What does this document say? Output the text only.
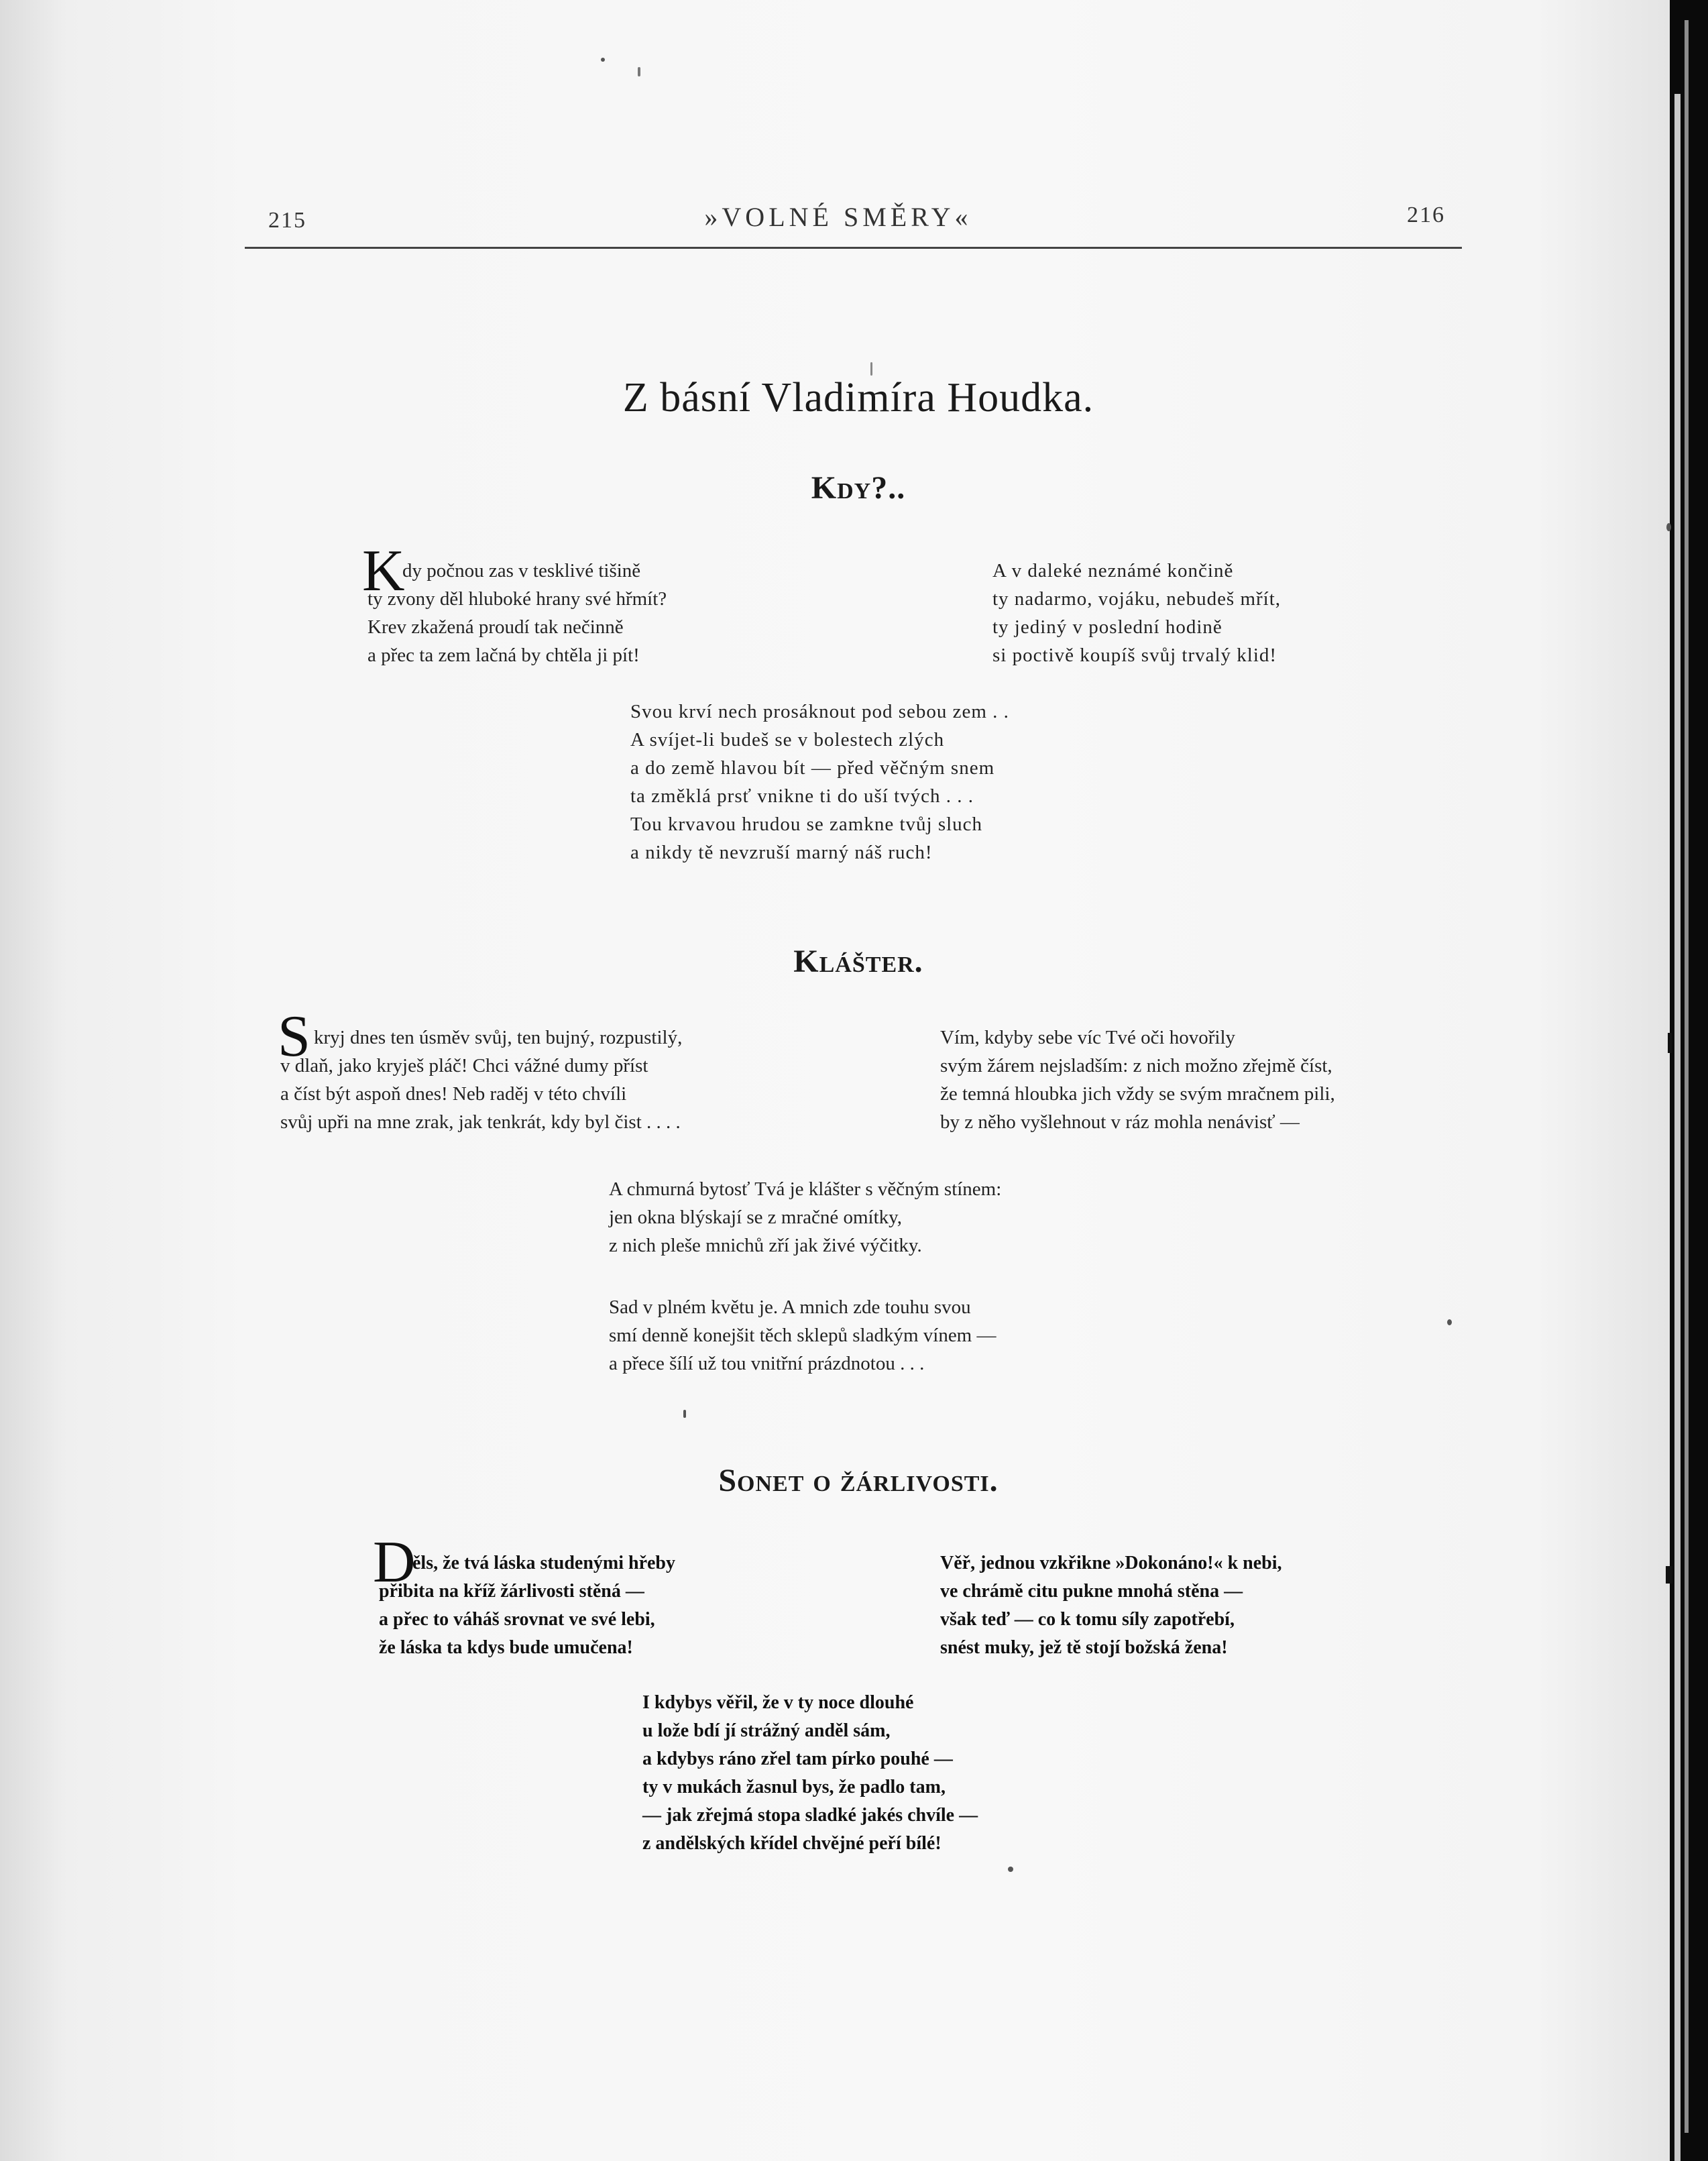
215	»VOLNÉ SMĚRY«	216
Z básní Vladimíra Houdka.
Kdy?..
K
dy počnou zas v tesklivé tišině
ty zvony děl hluboké hrany své hřmít?
Krev zkažená proudí tak nečinně
a přec ta zem lačná by chtěla ji pít!
A v daleké neznámé končině
ty nadarmo, vojáku, nebudeš mřít,
ty jediný v poslední hodině
si poctivě koupíš svůj trvalý klid!
Svou krví nech prosáknout pod sebou zem . .
A svíjet-li budeš se v bolestech zlých
a do země hlavou bít — před věčným snem
ta změklá prsť vnikne ti do uší tvých . . .
Tou krvavou hrudou se zamkne tvůj sluch
a nikdy tě nevzruší marný náš ruch!
Klášter.
S kryj dnes ten úsměv svůj, ten bujný, rozpustilý,
v dlaň, jako kryješ pláč! Chci vážné dumy příst
a číst být aspoň dnes! Neb raděj v této chvíli
svůj upři na mne zrak, jak tenkrát, kdy byl čist . . . .
Vím, kdyby sebe víc Tvé oči hovořily
svým žárem nejsladším: z nich možno zřejmě číst,
že temná hloubka jich vždy se svým mračnem pili,
by z něho vyšlehnout v ráz mohla nenávisť —
A chmurná bytosť Tvá je klášter s věčným stínem:
jen okna blýskají se z mračné omítky,
z nich pleše mnichů zří jak živé výčitky.
Sad v plném květu je. A mnich zde touhu svou
smí denně konejšit těch sklepů sladkým vínem —
a přece šílí už tou vnitřní prázdnotou . . .
Sonet o žárlivosti.
D
ěls, že tvá láska studenými hřeby
přibita na kříž žárlivosti stěná —
a přec to váháš srovnat ve své lebi,
že láska ta kdys bude umučena!
Věř, jednou vzkřikne »Dokonáno!« k nebi,
ve chrámě citu pukne mnohá stěna —
však teď — co k tomu síly zapotřebí,
snést muky, jež tě stojí božská žena!
I kdybys věřil, že v ty noce dlouhé
u lože bdí jí strážný anděl sám,
a kdybys ráno zřel tam pírko pouhé —
ty v mukách žasnul bys, že padlo tam,
— jak zřejmá stopa sladké jakés chvíle —
z andělských křídel chvějné peří bílé!
